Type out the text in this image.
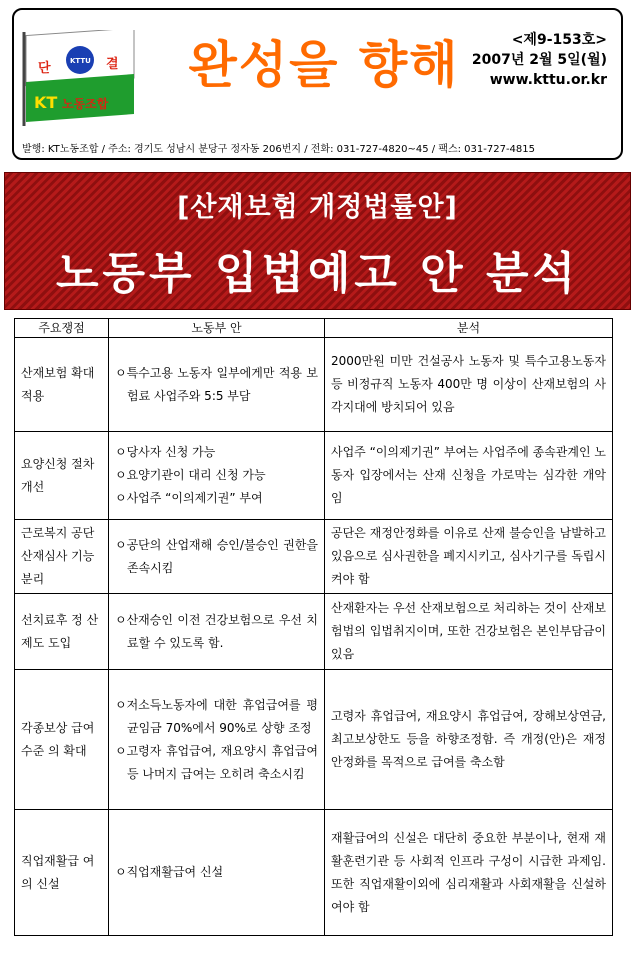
단	결
KTTU
KT 노동조합
완성을 향해	<제9-153호>
2007년 2월 5일(월)
www.kttu.or.kr
발행: KT노동조합 / 주소: 경기도 성남시 분당구 정자동 206번지 / 전화: 031-727-4820~45 / 팩스: 031-727-4815
[산재보험 개정법률안]
노동부 입법예고 안 분석
주요쟁점	노동부 안	분석
산재보험 확대적용	ㅇ특수고용 노동자 일부에게만 적용 보험료 사업주와 5:5 부담	2000만원 미만 건설공사 노동자 및 특수고용노동자 등 비정규직 노동자 400만 명 이상이 산재보험의 사각지대에 방치되어 있음
요양신청 절차 개선	ㅇ당사자 신청 가능
ㅇ요양기관이 대리 신청 가능
ㅇ사업주 “이의제기권” 부여	사업주 “이의제기권” 부여는 사업주에 종속관계인 노동자 입장에서는 산재 신청을 가로막는 심각한 개악임
근로복지 공단산재심사 기능분리	ㅇ공단의 산업재해 승인/불승인 권한을 존속시킴	공단은 재정안정화를 이유로 산재 불승인을 남발하고 있음으로 심사권한을 폐지시키고, 심사기구를 독립시켜야 함
선치료후 정 산제도 도입	ㅇ산재승인 이전 건강보험으로 우선 치료할 수 있도록 함.	산재환자는 우선 산재보험으로 처리하는 것이 산재보험법의 입법취지이며, 또한 건강보험은 본인부담금이 있음
각종보상 급여수준 의 확대	ㅇ저소득노동자에 대한 휴업급여를 평균임금 70%에서 90%로 상향 조정
ㅇ고령자 휴업급여, 재요양시 휴업급여 등 나머지 급여는 오히려 축소시킴	고령자 휴업급여, 재요양시 휴업급여, 장해보상연금, 최고보상한도 등을 하향조정함. 즉 개정(안)은 재정안정화를 목적으로 급여를 축소함
직업재활급 여의 신설	ㅇ직업재활급여 신설	재활급여의 신설은 대단히 중요한 부분이나, 현재 재활훈련기관 등 사회적 인프라 구성이 시급한 과제임. 또한 직업재활이외에 심리재활과 사회재활을 신설하여야 함
